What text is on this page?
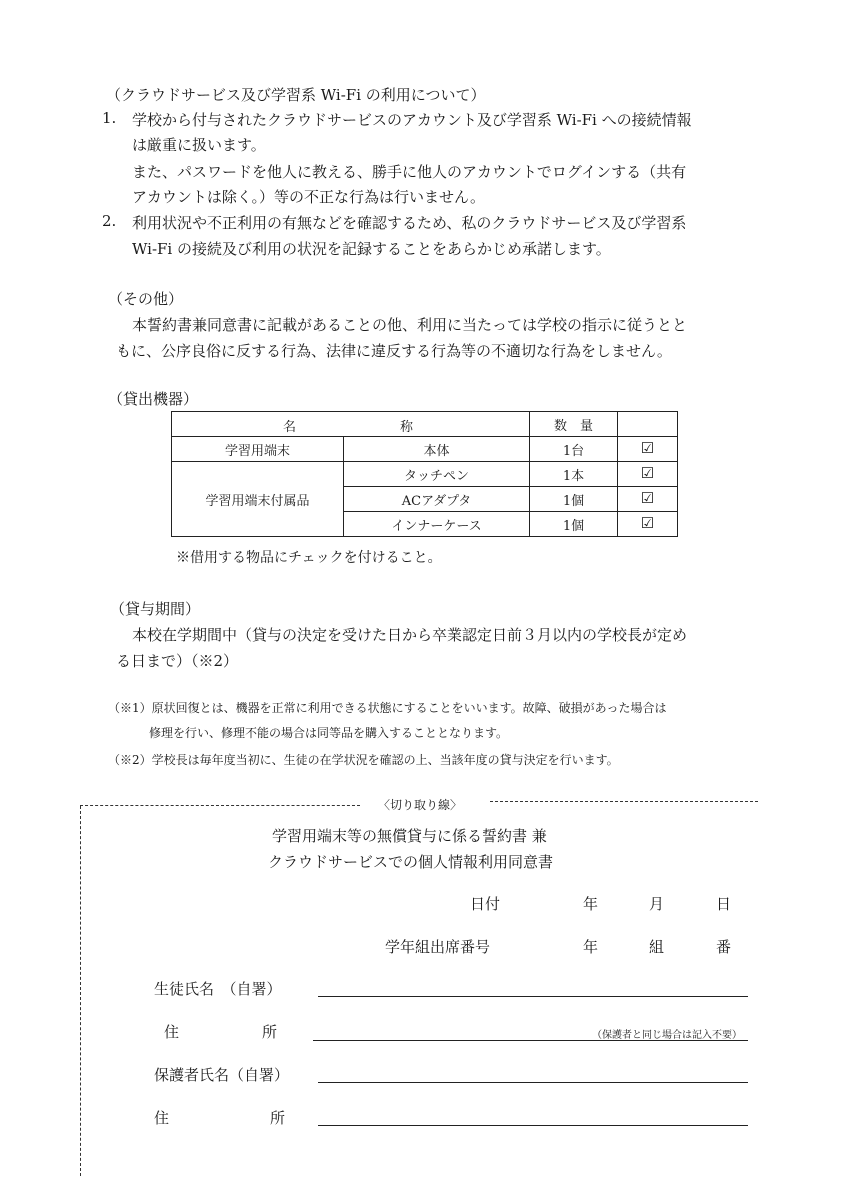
（クラウドサービス及び学習系 Wi-Fi の利用について）
1. 学校から付与されたクラウドサービスのアカウント及び学習系 Wi-Fi への接続情報
は厳重に扱います。
また、パスワードを他人に教える、勝手に他人のアカウントでログインする（共有
アカウントは除く。）等の不正な行為は行いません。
2. 利用状況や不正利用の有無などを確認するため、私のクラウドサービス及び学習系
Wi-Fi の接続及び利用の状況を記録することをあらかじめ承諾します。
（その他）
本誓約書兼同意書に記載があることの他、利用に当たっては学校の指示に従うとと
もに、公序良俗に反する行為、法律に違反する行為等の不適切な行為をしません。
（貸出機器）
名 称		数　量	
学習用端末	本体	1台	☑
学習用端末付属品	タッチペン	1本	☑
	ACアダプタ	1個	☑
	インナーケース	1個	☑
※借用する物品にチェックを付けること。
（貸与期間）
本校在学期間中（貸与の決定を受けた日から卒業認定日前３月以内の学校長が定め
る日まで）（※2）
（※1）原状回復とは、機器を正常に利用できる状態にすることをいいます。故障、破損があった場合は
修理を行い、修理不能の場合は同等品を購入することとなります。
（※2）学校長は毎年度当初に、生徒の在学状況を確認の上、当該年度の貸与決定を行います。
〈切り取り線〉
学習用端末等の無償貸与に係る誓約書 兼
クラウドサービスでの個人情報利用同意書
日付	年	月	日
学年組出席番号	年	組	番
生徒氏名　（自署）
住	所	（保護者と同じ場合は記入不要）
保護者氏名（自署）
住	所
